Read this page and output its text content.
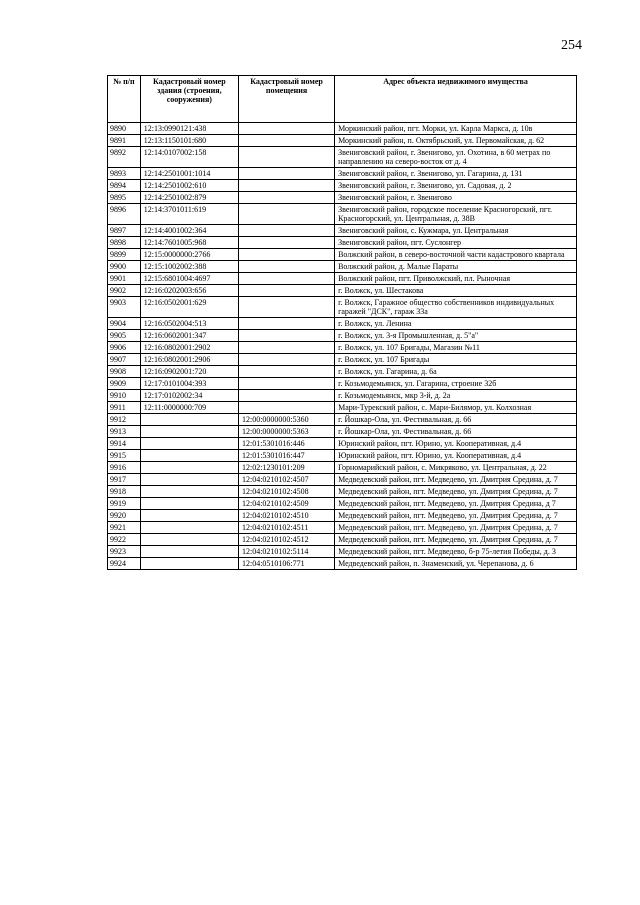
254
№ п/п	Кадастровый номер здания (строения, сооружения)	Кадастровый номер помещения	Адрес объекта недвижимого имущества
9890	12:13:0990121:438		Моркинский район, пгт. Морки, ул. Карла Маркса, д. 10в
9891	12:13:1150101:680		Моркинский район, п. Октябрьский, ул. Первомайская, д. 62
9892	12:14:0107002:158		Звениговский район, г. Звенигово, ул. Охотина, в 60 метрах по направлению на северо-восток от д. 4
9893	12:14:2501001:1014		Звениговский район, г. Звенигово, ул. Гагарина, д. 131
9894	12:14:2501002:610		Звениговский район, г. Звенигово, ул. Садовая, д. 2
9895	12:14:2501002:879		Звениговский район, г. Звенигово
9896	12:14:3701011:619		Звениговский район, городское поселение Красногорский, пгт. Красногорский, ул. Центральная, д. 38В
9897	12:14:4001002:364		Звениговский район, с. Кужмара, ул. Центральная
9898	12:14:7601005:968		Звениговский район, пгт. Суслонгер
9899	12:15:0000000:2766		Волжский район, в северо-восточной части кадастрового квартала
9900	12:15:1002002:388		Волжский район, д. Малые Параты
9901	12:15:6801004:4697		Волжский район, пгт. Приволжский, пл. Рыночная
9902	12:16:0202003:656		г. Волжск, ул. Шестакова
9903	12:16:0502001:629		г. Волжск, Гаражное общество собственников индивидуальных гаражей "ДСК", гараж 33а
9904	12:16:0502004:513		г. Волжск, ул. Ленина
9905	12:16:0602001:347		г. Волжск, ул. 3-я Промышленная, д. 5"а"
9906	12:16:0802001:2902		г. Волжск, ул. 107 Бригады, Магазин №11
9907	12:16:0802001:2906		г. Волжск, ул. 107 Бригады
9908	12:16:0902001:720		г. Волжск, ул. Гагарина, д. 6а
9909	12:17:0101004:393		г. Козьмодемьянск, ул. Гагарина, строение 32б
9910	12:17:0102002:34		г. Козьмодемьянск, мкр 3-й, д. 2а
9911	12:11:0000000:709		Мари-Турекский район, с. Мари-Билямор, ул. Колхозная
9912		12:00:0000000:5360	г. Йошкар-Ола, ул. Фестивальная, д. 66
9913		12:00:0000000:5363	г. Йошкар-Ола, ул. Фестивальная, д. 66
9914		12:01:5301016:446	Юринский район, пгт. Юрино, ул. Кооперативная, д.4
9915		12:01:5301016:447	Юринский район, пгт. Юрино, ул. Кооперативная, д.4
9916		12:02:1230101:209	Горномарийский район, с. Микряково, ул. Центральная, д. 22
9917		12:04:0210102:4507	Медведевский район, пгт. Медведево, ул. Дмитрия Средина, д. 7
9918		12:04:0210102:4508	Медведевский район, пгт. Медведево, ул. Дмитрия Средина, д. 7
9919		12:04:0210102:4509	Медведевский район, пгт. Медведево, ул. Дмитрия Средина, д 7
9920		12:04:0210102:4510	Медведевский район, пгт. Медведево, ул. Дмитрия Средина, д. 7
9921		12:04:0210102:4511	Медведевский район, пгт. Медведево, ул. Дмитрия Средина, д. 7
9922		12:04:0210102:4512	Медведевский район, пгт. Медведево, ул. Дмитрия Средина, д. 7
9923		12:04:0210102:5114	Медведевский район, пгт. Медведево, б-р 75-летия Победы, д. 3
9924		12:04:0510106:771	Медведевский район, п. Знаменский, ул. Черепанова, д. 6
